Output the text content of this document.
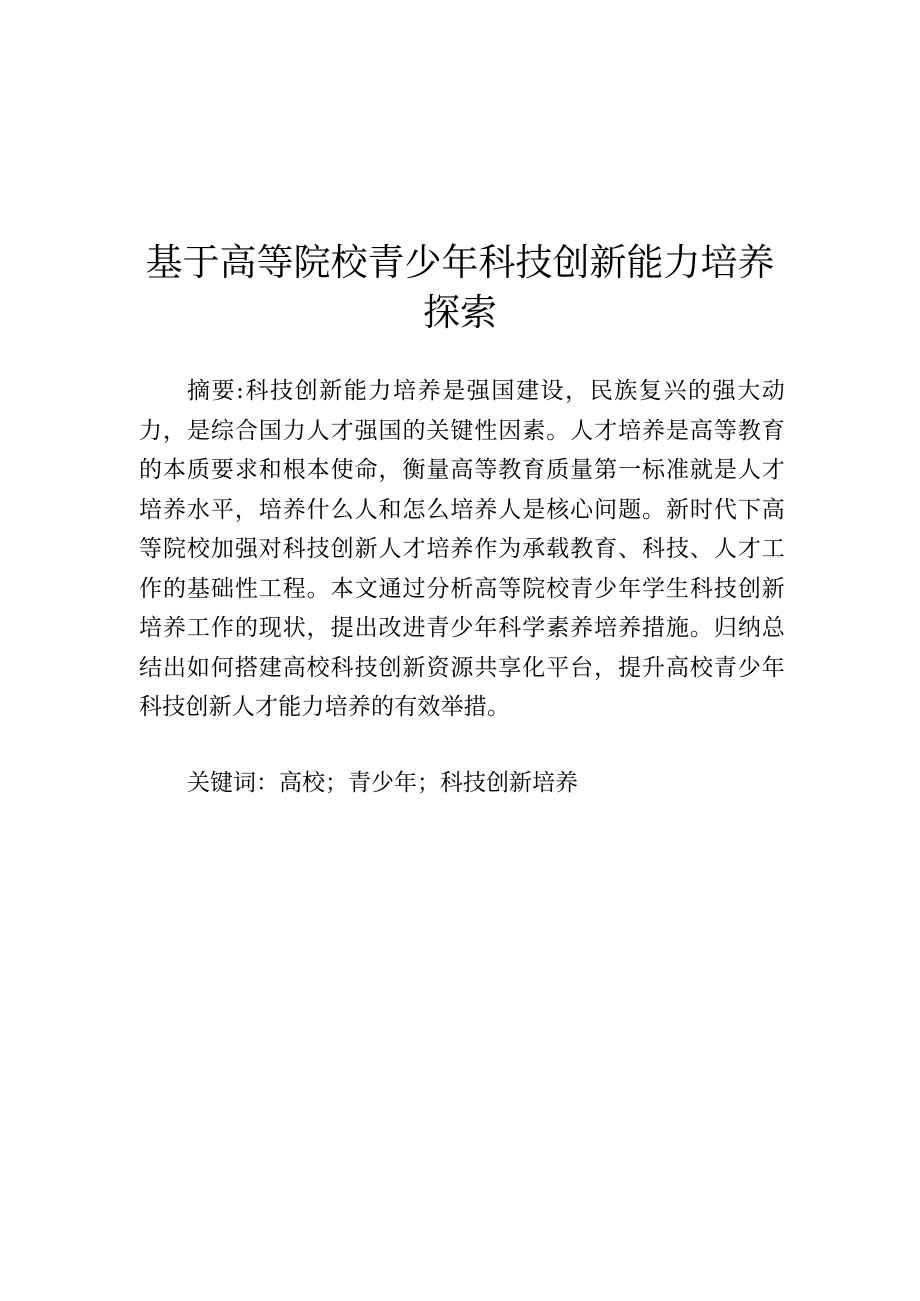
基于高等院校青少年科技创新能力培养
探索

摘要:科技创新能力培养是强国建设，民族复兴的强大动力，是综合国力人才强国的关键性因素。人才培养是高等教育的本质要求和根本使命，衡量高等教育质量第一标准就是人才培养水平，培养什么人和怎么培养人是核心问题。新时代下高等院校加强对科技创新人才培养作为承载教育、科技、人才工作的基础性工程。本文通过分析高等院校青少年学生科技创新培养工作的现状，提出改进青少年科学素养培养措施。归纳总结出如何搭建高校科技创新资源共享化平台，提升高校青少年科技创新人才能力培养的有效举措。

关键词：高校；青少年；科技创新培养
